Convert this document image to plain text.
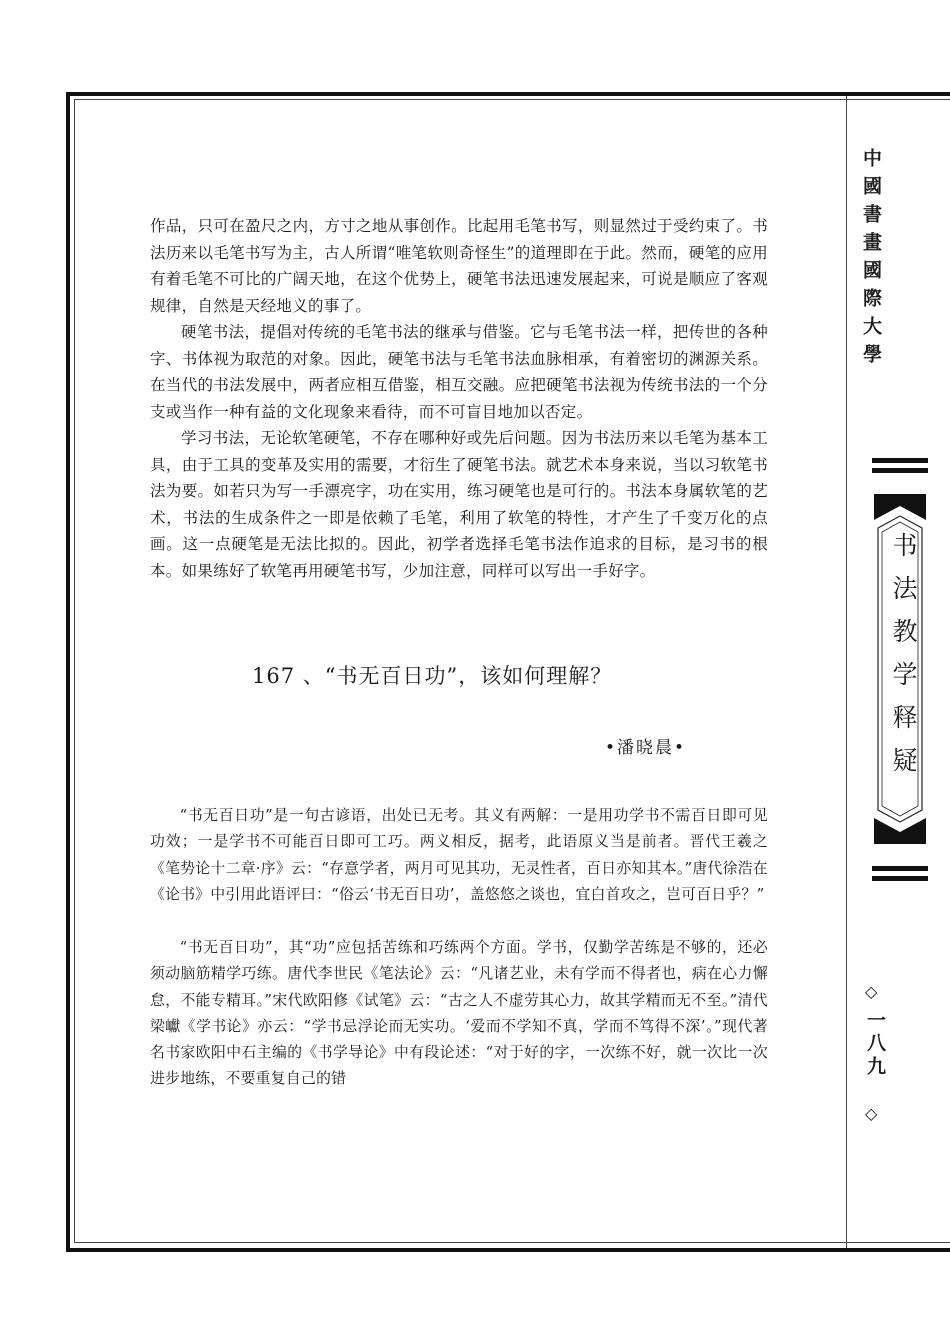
作品，只可在盈尺之内，方寸之地从事创作。比起用毛笔书写，则显然过于受约束了。书法历来以毛笔书写为主，古人所谓“唯笔软则奇怪生”的道理即在于此。然而，硬笔的应用有着毛笔不可比的广阔天地，在这个优势上，硬笔书法迅速发展起来，可说是顺应了客观规律，自然是天经地义的事了。

硬笔书法，提倡对传统的毛笔书法的继承与借鉴。它与毛笔书法一样，把传世的各种字、书体视为取范的对象。因此，硬笔书法与毛笔书法血脉相承，有着密切的渊源关系。在当代的书法发展中，两者应相互借鉴，相互交融。应把硬笔书法视为传统书法的一个分支或当作一种有益的文化现象来看待，而不可盲目地加以否定。

学习书法，无论软笔硬笔，不存在哪种好或先后问题。因为书法历来以毛笔为基本工具，由于工具的变革及实用的需要，才衍生了硬笔书法。就艺术本身来说，当以习软笔书法为要。如若只为写一手漂亮字，功在实用，练习硬笔也是可行的。书法本身属软笔的艺术，书法的生成条件之一即是依赖了毛笔，利用了软笔的特性，才产生了千变万化的点画。这一点硬笔是无法比拟的。因此，初学者选择毛笔书法作追求的目标，是习书的根本。如果练好了软笔再用硬笔书写，少加注意，同样可以写出一手好字。

167 、“书无百日功”，该如何理解？

•潘晓晨•

“书无百日功”是一句古谚语，出处已无考。其义有两解：一是用功学书不需百日即可见功效；一是学书不可能百日即可工巧。两义相反，据考，此语原义当是前者。晋代王羲之《笔势论十二章·序》云：“存意学者，两月可见其功，无灵性者，百日亦知其本。”唐代徐浩在《论书》中引用此语评曰：“俗云‘书无百日功’，盖悠悠之谈也，宜白首攻之，岂可百日乎？”

“书无百日功”，其“功”应包括苦练和巧练两个方面。学书，仅勤学苦练是不够的，还必须动脑筋精学巧练。唐代李世民《笔法论》云：“凡诸艺业，未有学而不得者也，病在心力懈怠，不能专精耳。”宋代欧阳修《试笔》云：“古之人不虚劳其心力，故其学精而无不至。”清代梁巘《学书论》亦云：“学书忌浮论而无实功。‘爱而不学知不真，学而不笃得不深’。”现代著名书家欧阳中石主编的《书学导论》中有段论述：“对于好的字，一次练不好，就一次比一次进步地练，不要重复自己的错

中國書畫國際大學
书法教学释疑
◇
一八九
◇
